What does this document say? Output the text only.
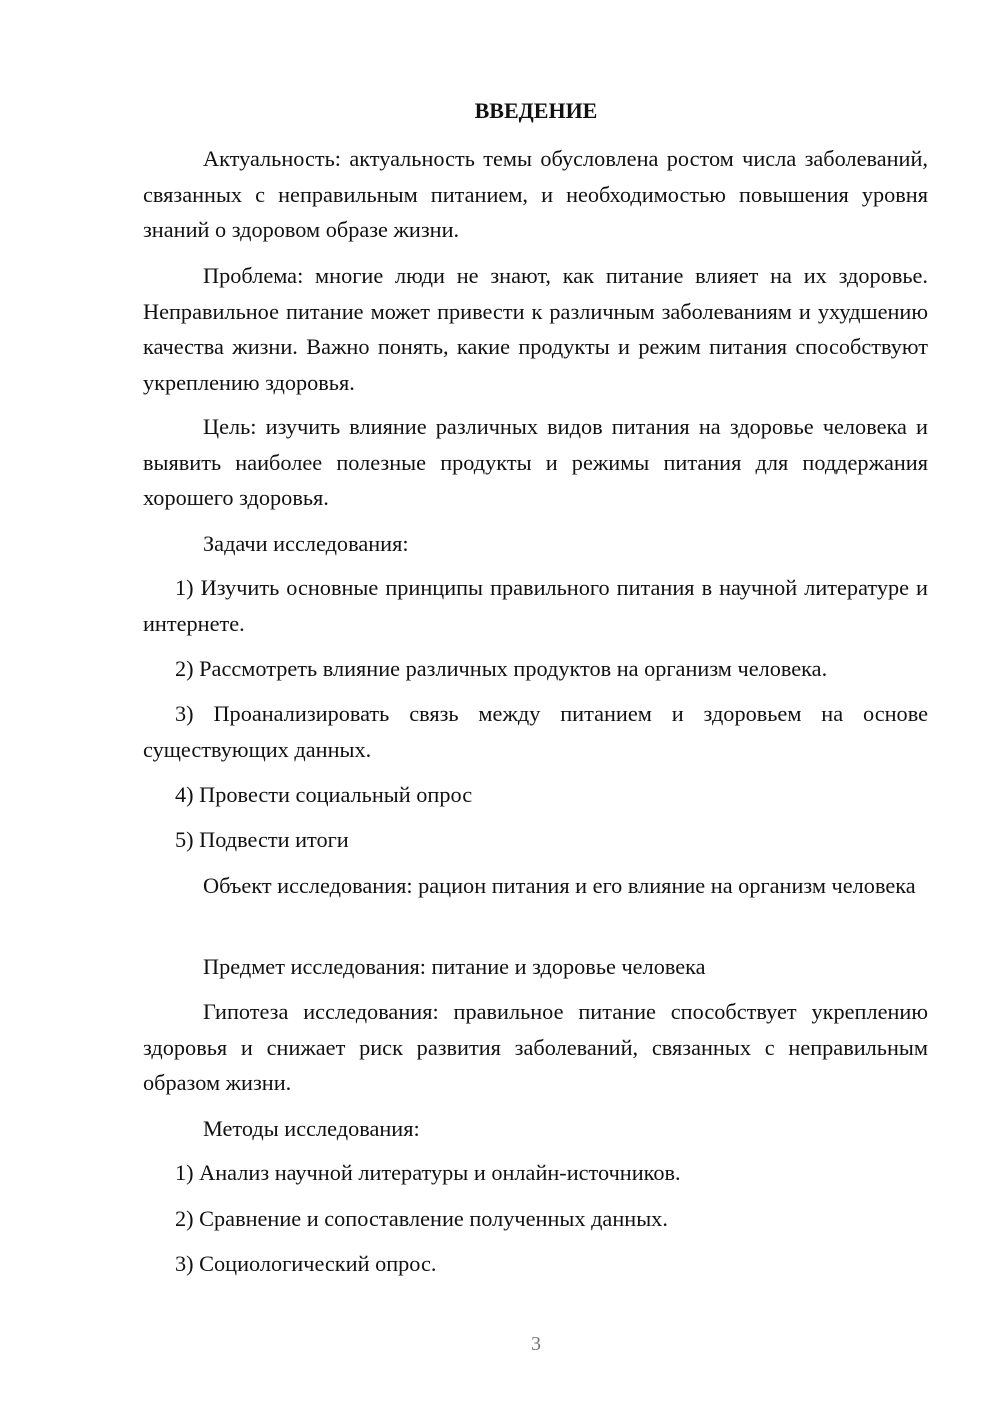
ВВЕДЕНИЕ

Актуальность: актуальность темы обусловлена ростом числа заболеваний, связанных с неправильным питанием, и необходимостью повышения уровня знаний о здоровом образе жизни.

Проблема: многие люди не знают, как питание влияет на их здоровье. Неправильное питание может привести к различным заболеваниям и ухудшению качества жизни. Важно понять, какие продукты и режим питания способствуют укреплению здоровья.

Цель: изучить влияние различных видов питания на здоровье человека и выявить наиболее полезные продукты и режимы питания для поддержания хорошего здоровья.

Задачи исследования:

1) Изучить основные принципы правильного питания в научной литературе и интернете.

2) Рассмотреть влияние различных продуктов на организм человека.

3) Проанализировать связь между питанием и здоровьем на основе существующих данных.

4) Провести социальный опрос

5) Подвести итоги

Объект исследования: рацион питания и его влияние на организм человека

Предмет исследования: питание и здоровье человека

Гипотеза исследования: правильное питание способствует укреплению здоровья и снижает риск развития заболеваний, связанных с неправильным образом жизни.

Методы исследования:

1) Анализ научной литературы и онлайн-источников.

2) Сравнение и сопоставление полученных данных.

3) Социологический опрос.

3
